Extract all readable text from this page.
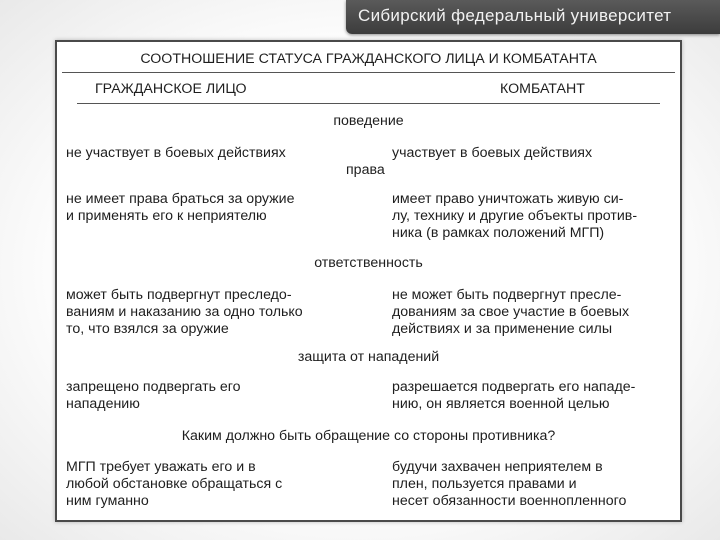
Сибирский федеральный университет
СООТНОШЕНИЕ СТАТУСА ГРАЖДАНСКОГО ЛИЦА И КОМБАТАНТА
ГРАЖДАНСКОЕ ЛИЦО	КОМБАТАНТ
поведение
не участвует в боевых действиях	участвует в боевых действиях
права
не имеет права браться за оружие
и применять его к неприятелю
имеет право уничтожать живую си-
лу, технику и другие объекты против-
ника (в рамках положений МГП)
ответственность
может быть подвергнут преследо-
ваниям и наказанию за одно только
то, что взялся за оружие
не может быть подвергнут пресле-
дованиям за свое участие в боевых
действиях и за применение силы
защита от нападений
запрещено подвергать его
нападению
разрешается подвергать его нападе-
нию, он является военной целью
Каким должно быть обращение со стороны противника?
МГП требует уважать его и в
любой обстановке обращаться с
ним гуманно
будучи захвачен неприятелем в
плен, пользуется правами и
несет обязанности военнопленного
